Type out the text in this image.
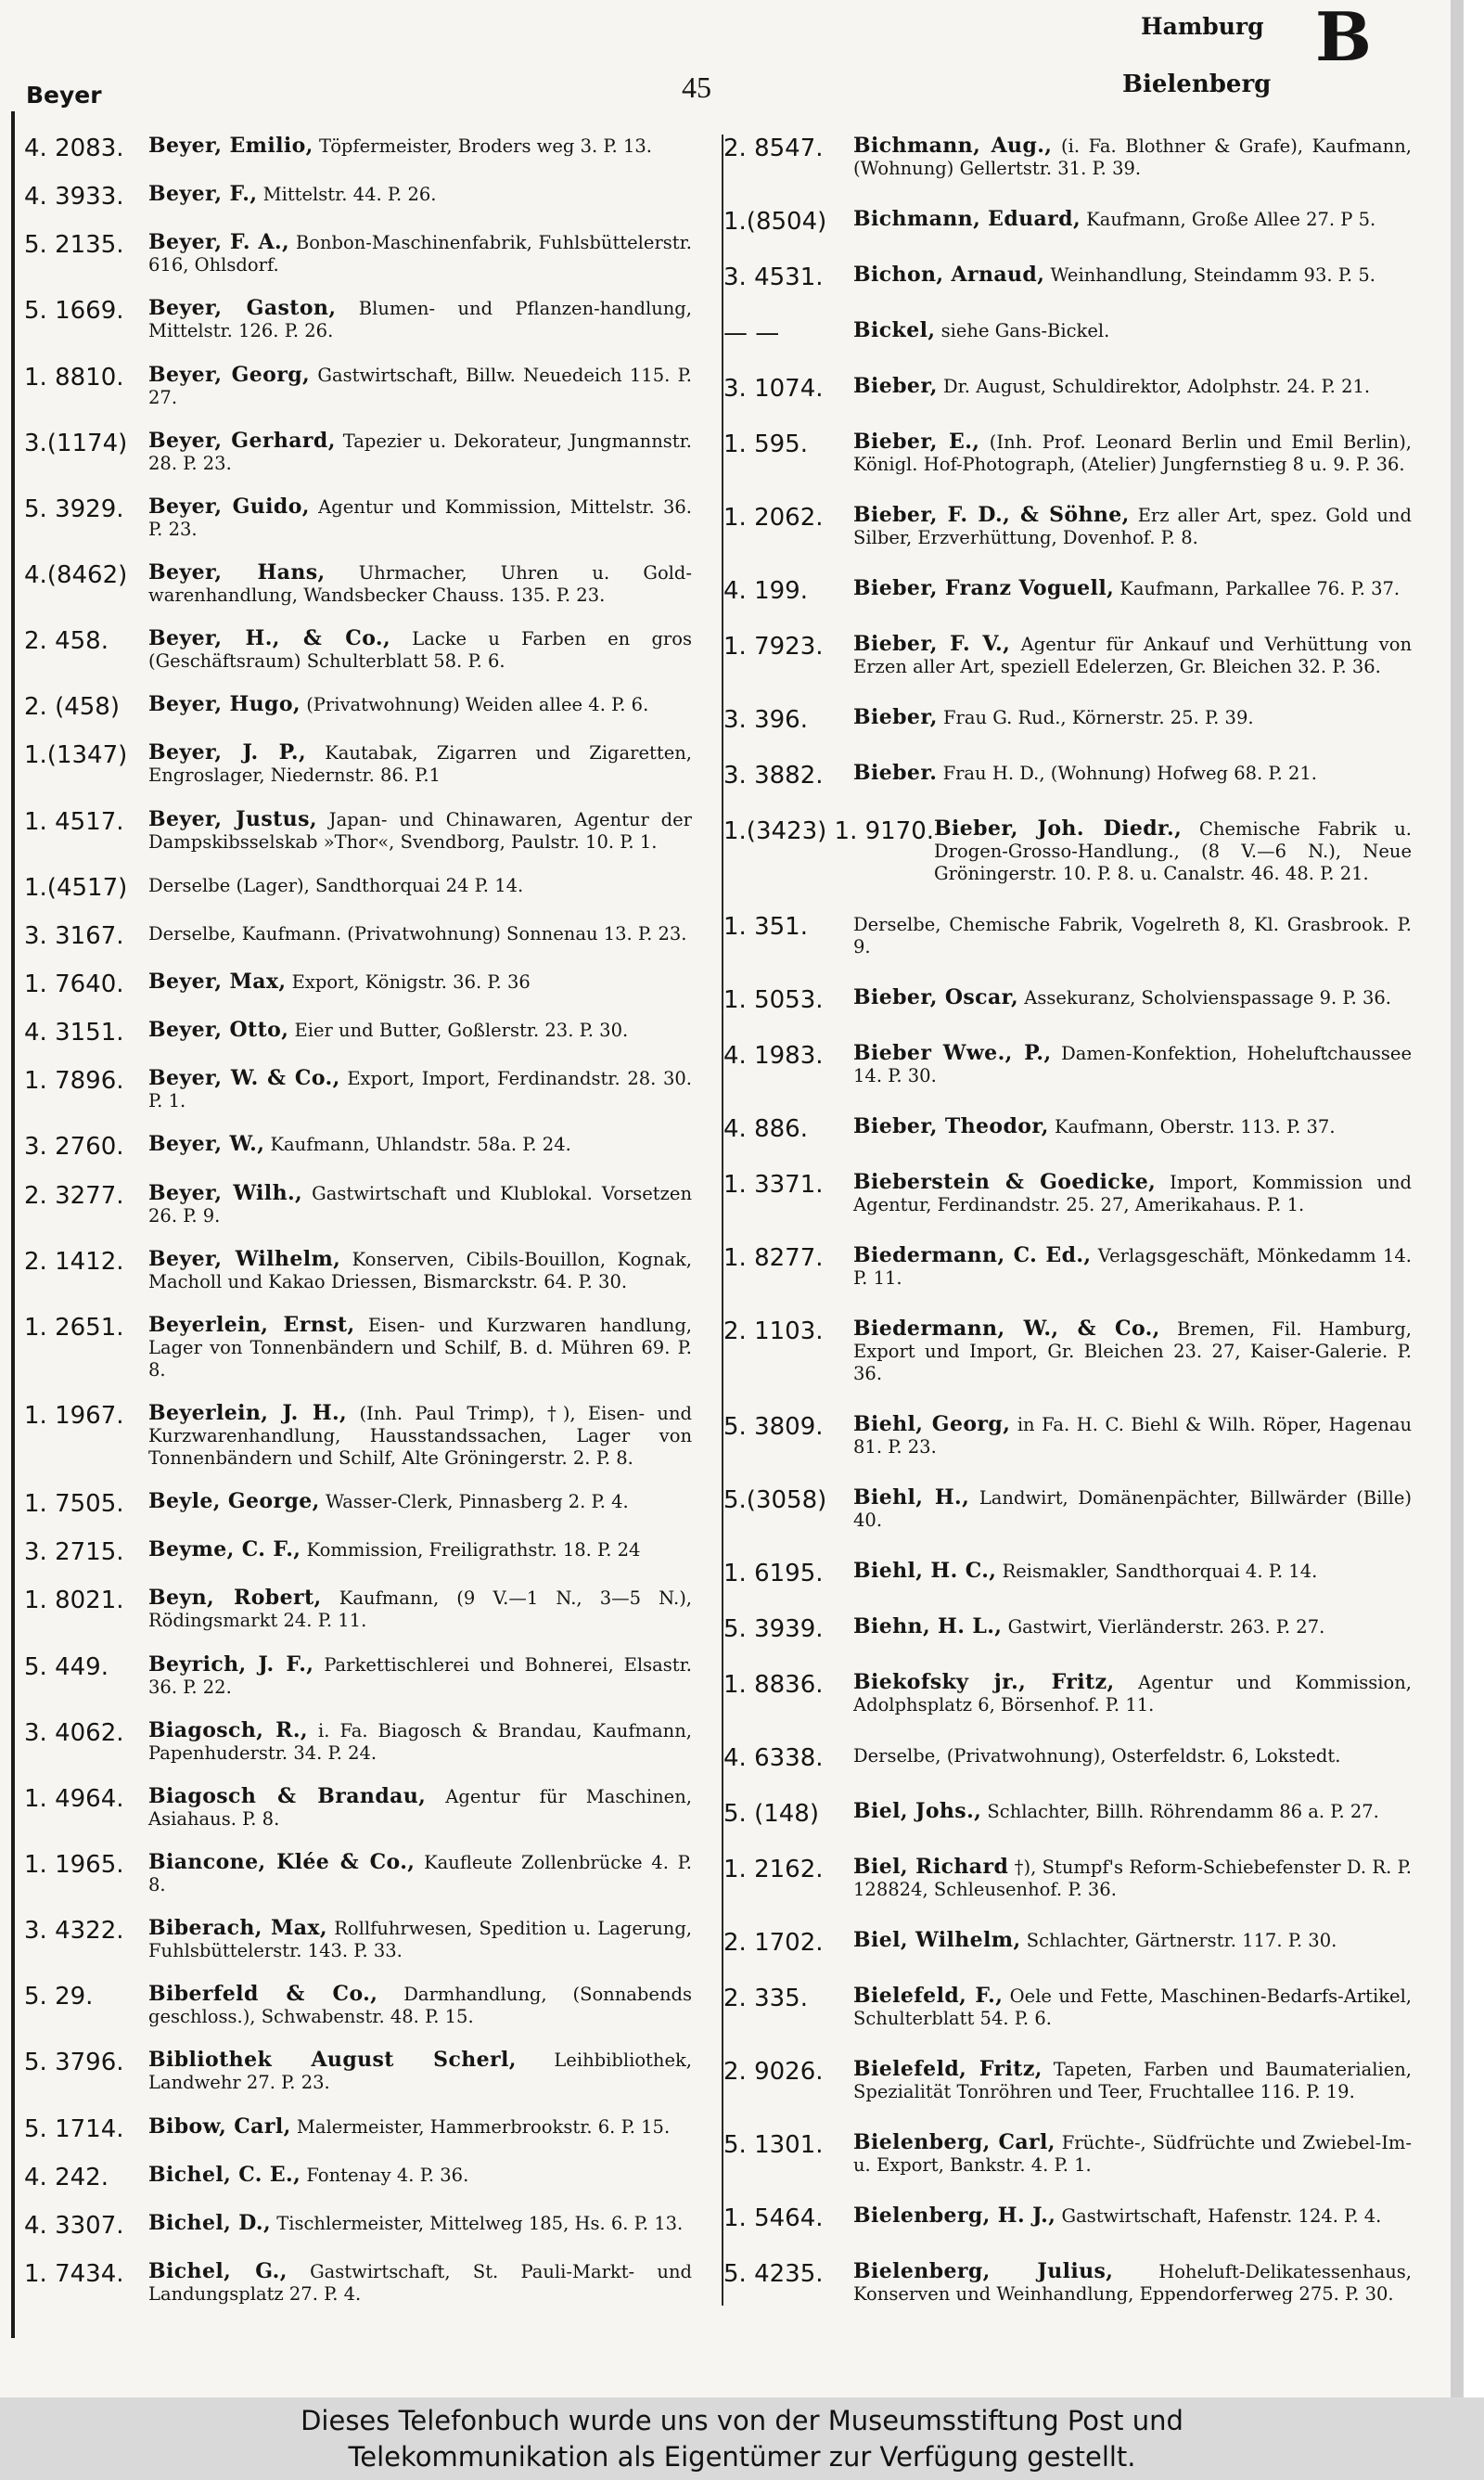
Beyer	45
Hamburg
Bielenberg
B
4. 2083.	Beyer, Emilio, Töpfermeister, Broders weg 3. P. 13.
4. 3933.	Beyer, F., Mittelstr. 44. P. 26.
5. 2135.	Beyer, F. A., Bonbon-Maschinenfabrik, Fuhlsbüttelerstr. 616, Ohlsdorf.
5. 1669.	Beyer, Gaston, Blumen- und Pflanzen-handlung, Mittelstr. 126. P. 26.
1. 8810.	Beyer, Georg, Gastwirtschaft, Billw. Neuedeich 115. P. 27.
3.(1174)	Beyer, Gerhard, Tapezier u. Dekorateur, Jungmannstr. 28. P. 23.
5. 3929.	Beyer, Guido, Agentur und Kommission, Mittelstr. 36. P. 23.
4.(8462)	Beyer, Hans, Uhrmacher, Uhren u. Gold-warenhandlung, Wandsbecker Chauss. 135. P. 23.
2. 458.	Beyer, H., & Co., Lacke u Farben en gros (Geschäftsraum) Schulterblatt 58. P. 6.
2. (458)	Beyer, Hugo, (Privatwohnung) Weiden allee 4. P. 6.
1.(1347)	Beyer, J. P., Kautabak, Zigarren und Zigaretten, Engroslager, Niedernstr. 86. P.1
1. 4517.	Beyer, Justus, Japan- und Chinawaren, Agentur der Dampskibsselskab »Thor«, Svendborg, Paulstr. 10. P. 1.
1.(4517)	Derselbe (Lager), Sandthorquai 24 P. 14.
3. 3167.	Derselbe, Kaufmann. (Privatwohnung) Sonnenau 13. P. 23.
1. 7640.	Beyer, Max, Export, Königstr. 36. P. 36
4. 3151.	Beyer, Otto, Eier und Butter, Goßlerstr. 23. P. 30.
1. 7896.	Beyer, W. & Co., Export, Import, Ferdinandstr. 28. 30. P. 1.
3. 2760.	Beyer, W., Kaufmann, Uhlandstr. 58a. P. 24.
2. 3277.	Beyer, Wilh., Gastwirtschaft und Klublokal. Vorsetzen 26. P. 9.
2. 1412.	Beyer, Wilhelm, Konserven, Cibils-Bouillon, Kognak, Macholl und Kakao Driessen, Bismarckstr. 64. P. 30.
1. 2651.	Beyerlein, Ernst, Eisen- und Kurzwaren handlung, Lager von Tonnenbändern und Schilf, B. d. Mühren 69. P. 8.
1. 1967.	Beyerlein, J. H., (Inh. Paul Trimp), †), Eisen- und Kurzwarenhandlung, Hausstandssachen, Lager von Tonnenbändern und Schilf, Alte Gröningerstr. 2. P. 8.
1. 7505.	Beyle, George, Wasser-Clerk, Pinnasberg 2. P. 4.
3. 2715.	Beyme, C. F., Kommission, Freiligrathstr. 18. P. 24
1. 8021.	Beyn, Robert, Kaufmann, (9 V.—1 N., 3—5 N.), Rödingsmarkt 24. P. 11.
5. 449.	Beyrich, J. F., Parkettischlerei und Bohnerei, Elsastr. 36. P. 22.
3. 4062.	Biagosch, R., i. Fa. Biagosch & Brandau, Kaufmann, Papenhuderstr. 34. P. 24.
1. 4964.	Biagosch & Brandau, Agentur für Maschinen, Asiahaus. P. 8.
1. 1965.	Biancone, Klée & Co., Kaufleute Zollenbrücke 4. P. 8.
3. 4322.	Biberach, Max, Rollfuhrwesen, Spedition u. Lagerung, Fuhlsbüttelerstr. 143. P. 33.
5. 29.	Biberfeld & Co., Darmhandlung, (Sonnabends geschloss.), Schwabenstr. 48. P. 15.
5. 3796.	Bibliothek August Scherl, Leihbibliothek, Landwehr 27. P. 23.
5. 1714.	Bibow, Carl, Malermeister, Hammerbrookstr. 6. P. 15.
4. 242.	Bichel, C. E., Fontenay 4. P. 36.
4. 3307.	Bichel, D., Tischlermeister, Mittelweg 185, Hs. 6. P. 13.
1. 7434.	Bichel, G., Gastwirtschaft, St. Pauli-Markt- und Landungsplatz 27. P. 4.
2. 8547.	Bichmann, Aug., (i. Fa. Blothner & Grafe), Kaufmann, (Wohnung) Gellertstr. 31. P. 39.
1.(8504)	Bichmann, Eduard, Kaufmann, Große Allee 27. P 5.
3. 4531.	Bichon, Arnaud, Weinhandlung, Steindamm 93. P. 5.
— —	Bickel, siehe Gans-Bickel.
3. 1074.	Bieber, Dr. August, Schuldirektor, Adolphstr. 24. P. 21.
1. 595.	Bieber, E., (Inh. Prof. Leonard Berlin und Emil Berlin), Königl. Hof-Photograph, (Atelier) Jungfernstieg 8 u. 9. P. 36.
1. 2062.	Bieber, F. D., & Söhne, Erz aller Art, spez. Gold und Silber, Erzverhüttung, Dovenhof. P. 8.
4. 199.	Bieber, Franz Voguell, Kaufmann, Parkallee 76. P. 37.
1. 7923.	Bieber, F. V., Agentur für Ankauf und Verhüttung von Erzen aller Art, speziell Edelerzen, Gr. Bleichen 32. P. 36.
3. 396.	Bieber, Frau G. Rud., Körnerstr. 25. P. 39.
3. 3882.	Bieber. Frau H. D., (Wohnung) Hofweg 68. P. 21.
1.(3423) 1. 9170. Bieber, Joh. Diedr., Chemische Fabrik u. Drogen-Grosso-Handlung., (8 V.—6 N.), Neue Gröningerstr. 10. P. 8. u. Canalstr. 46. 48. P. 21.
1. 351.	Derselbe, Chemische Fabrik, Vogelreth 8, Kl. Grasbrook. P. 9.
1. 5053.	Bieber, Oscar, Assekuranz, Scholvienspassage 9. P. 36.
4. 1983.	Bieber Wwe., P., Damen-Konfektion, Hoheluftchaussee 14. P. 30.
4. 886.	Bieber, Theodor, Kaufmann, Oberstr. 113. P. 37.
1. 3371.	Bieberstein & Goedicke, Import, Kommission und Agentur, Ferdinandstr. 25. 27, Amerikahaus. P. 1.
1. 8277.	Biedermann, C. Ed., Verlagsgeschäft, Mönkedamm 14. P. 11.
2. 1103.	Biedermann, W., & Co., Bremen, Fil. Hamburg, Export und Import, Gr. Bleichen 23. 27, Kaiser-Galerie. P. 36.
5. 3809.	Biehl, Georg, in Fa. H. C. Biehl & Wilh. Röper, Hagenau 81. P. 23.
5.(3058)	Biehl, H., Landwirt, Domänenpächter, Billwärder (Bille) 40.
1. 6195.	Biehl, H. C., Reismakler, Sandthorquai 4. P. 14.
5. 3939.	Biehn, H. L., Gastwirt, Vierländerstr. 263. P. 27.
1. 8836.	Biekofsky jr., Fritz, Agentur und Kommission, Adolphsplatz 6, Börsenhof. P. 11.
4. 6338.	Derselbe, (Privatwohnung), Osterfeldstr. 6, Lokstedt.
5. (148)	Biel, Johs., Schlachter, Billh. Röhrendamm 86 a. P. 27.
1. 2162.	Biel, Richard †), Stumpf's Reform-Schiebefenster D. R. P. 128824, Schleusenhof. P. 36.
2. 1702.	Biel, Wilhelm, Schlachter, Gärtnerstr. 117. P. 30.
2. 335.	Bielefeld, F., Oele und Fette, Maschinen-Bedarfs-Artikel, Schulterblatt 54. P. 6.
2. 9026.	Bielefeld, Fritz, Tapeten, Farben und Baumaterialien, Spezialität Tonröhren und Teer, Fruchtallee 116. P. 19.
5. 1301.	Bielenberg, Carl, Früchte-, Südfrüchte und Zwiebel-Im- u. Export, Bankstr. 4. P. 1.
1. 5464.	Bielenberg, H. J., Gastwirtschaft, Hafenstr. 124. P. 4.
5. 4235.	Bielenberg, Julius,	Hoheluft-Delikatessenhaus, Konserven und Weinhandlung, Eppendorferweg 275. P. 30.
Dieses Telefonbuch wurde uns von der Museumsstiftung Post und
Telekommunikation als Eigentümer zur Verfügung gestellt.
